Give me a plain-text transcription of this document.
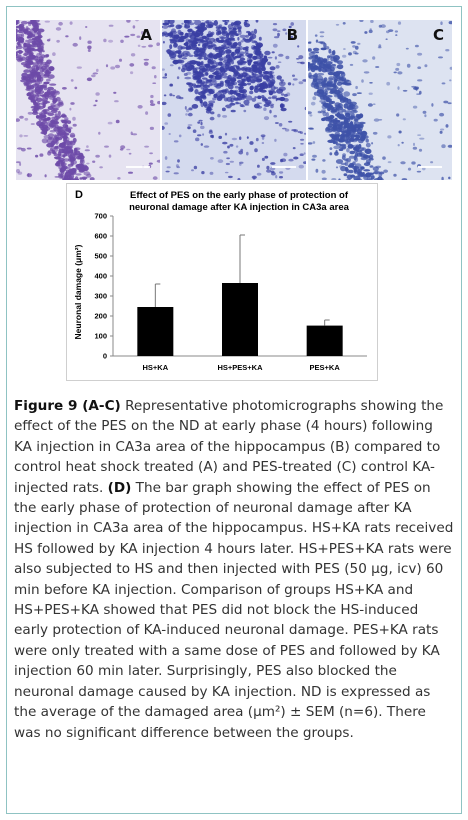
A	B	C
D	Effect of PES on the early phase of protection of
neuronal damage after KA injection in CA3a area
Neuronal damage (μm²)
0
100
200
300
400
500
600
700
HS+KA	HS+PES+KA	PES+KA
Figure 9 (A-C) Representative photomicrographs showing the effect of the PES on the ND at early phase (4 hours) following KA injection in CA3a area of the hippocampus (B) compared to control heat shock treated (A) and PES-treated (C) control KA-injected rats. (D) The bar graph showing the effect of PES on the early phase of protection of neuronal damage after KA injection in CA3a area of the hippocampus. HS+KA rats received HS followed by KA injection 4 hours later. HS+PES+KA rats were also subjected to HS and then injected with PES (50 µg, icv) 60 min before KA injection. Comparison of groups HS+KA and HS+PES+KA showed that PES did not block the HS-induced early protection of KA-induced neuronal damage. PES+KA rats were only treated with a same dose of PES and followed by KA injection 60 min later. Surprisingly, PES also blocked the neuronal damage caused by KA injection. ND is expressed as the average of the damaged area (µm²) ± SEM (n=6). There was no significant difference between the groups.
